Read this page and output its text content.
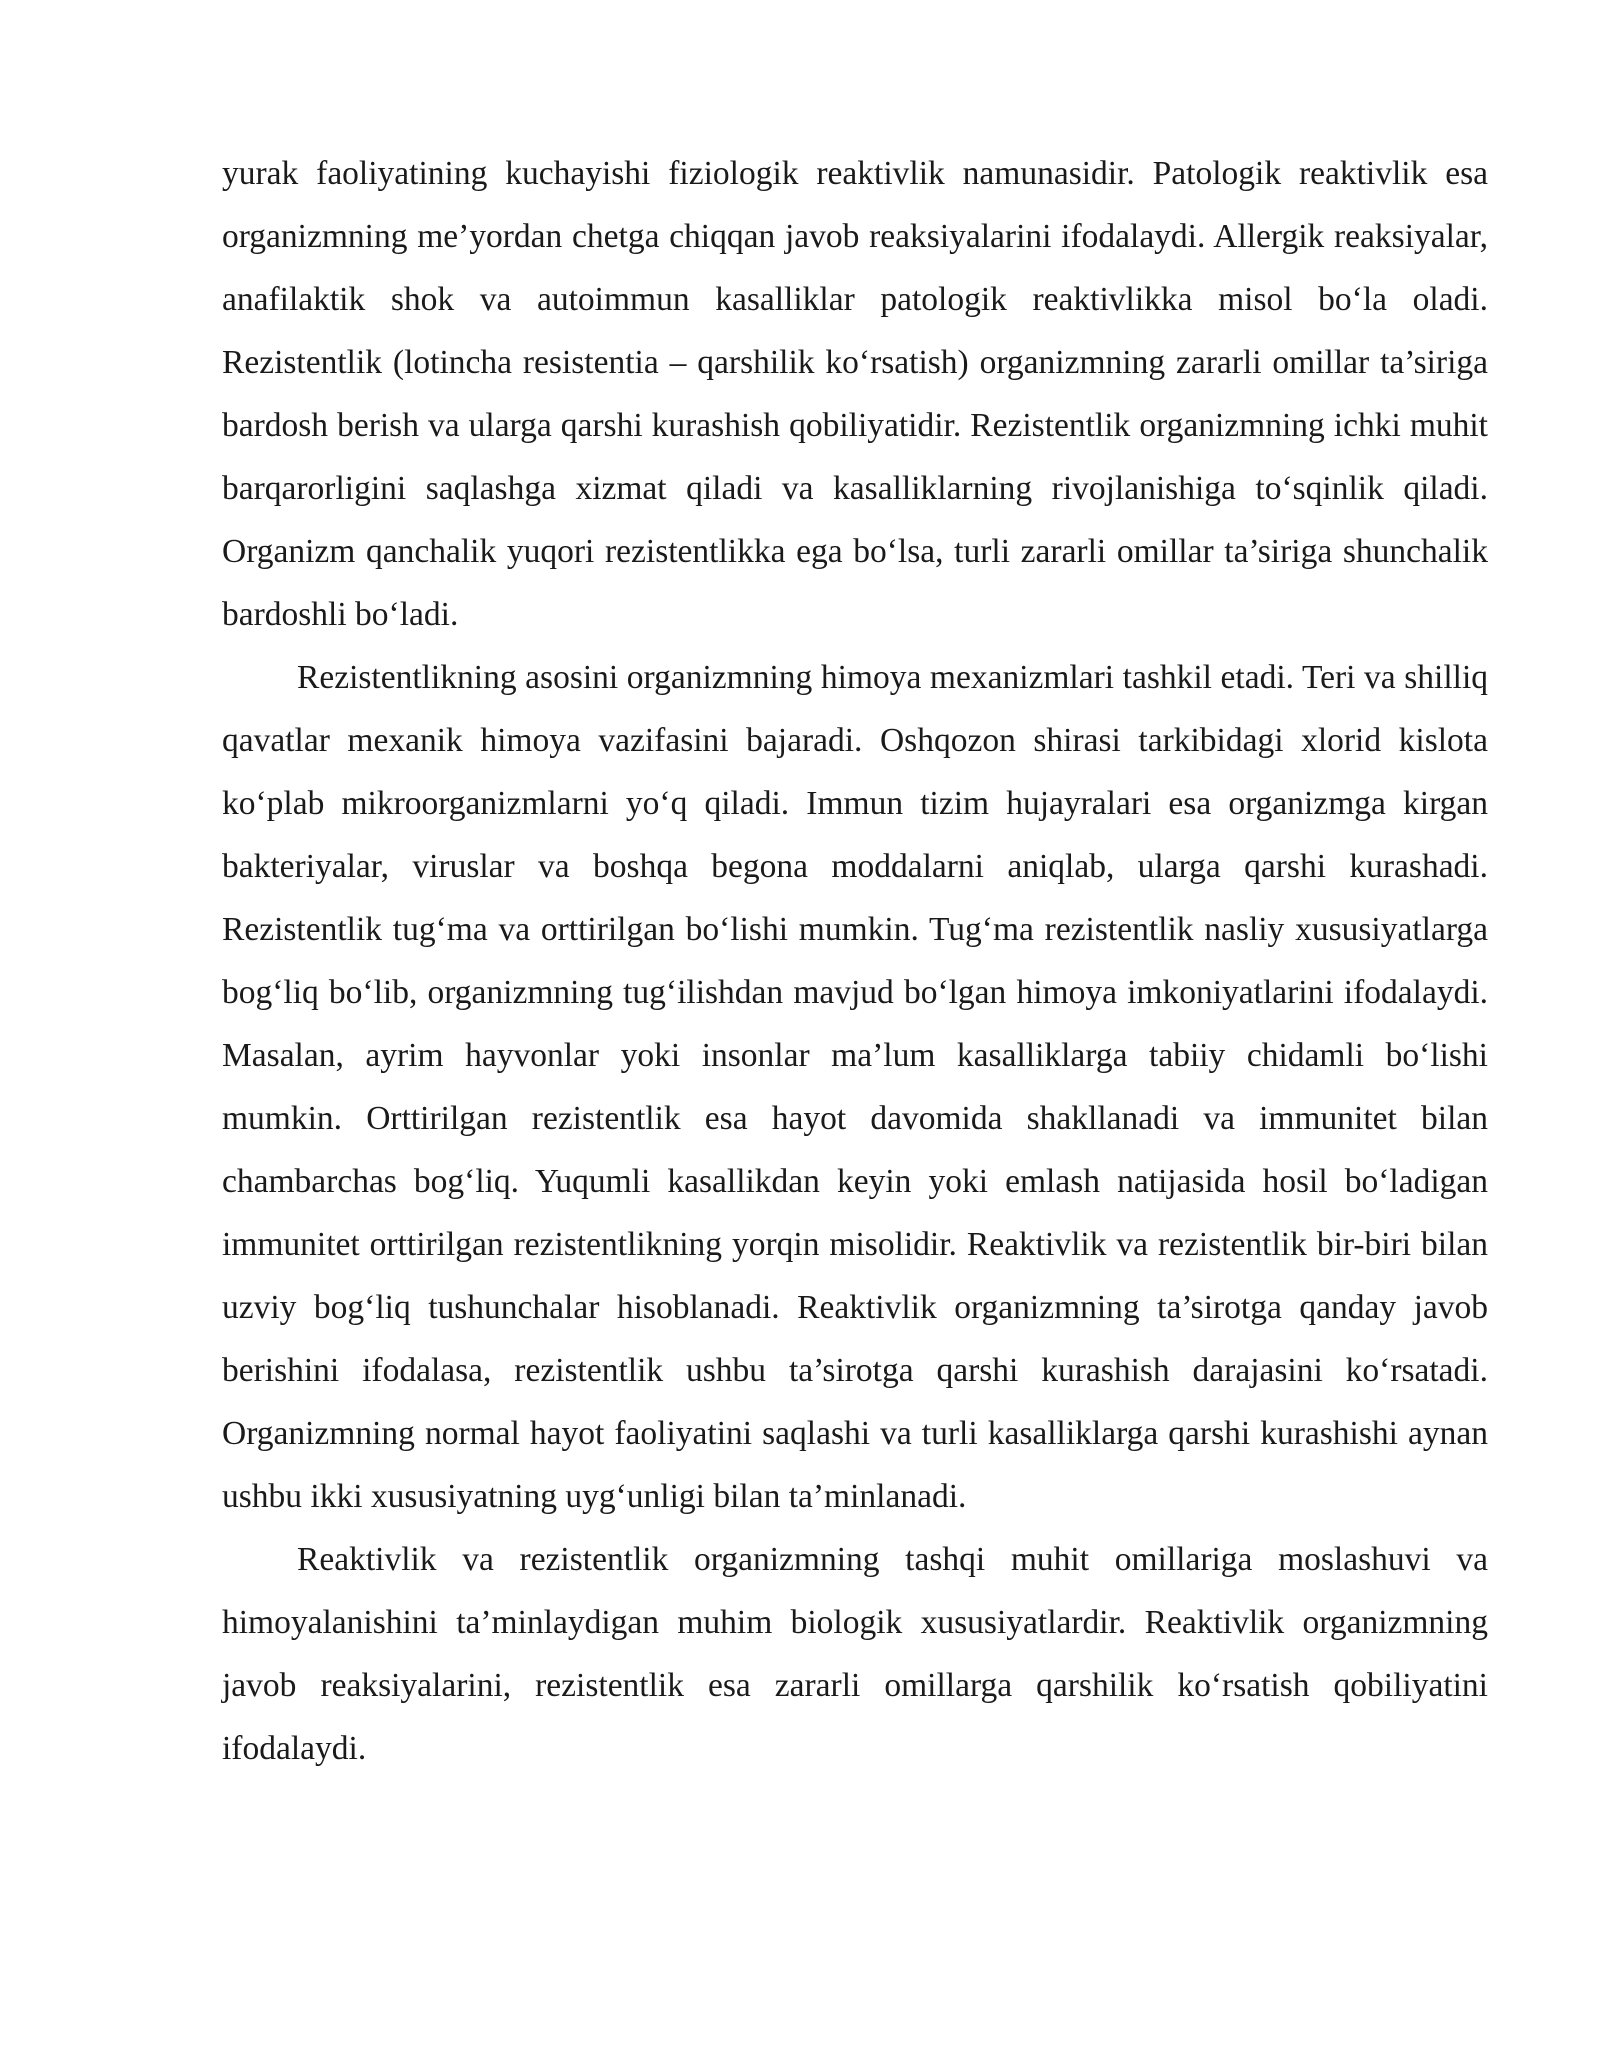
yurak faoliyatining kuchayishi fiziologik reaktivlik namunasidir. Patologik reaktivlik esa organizmning me’yordan chetga chiqqan javob reaksiyalarini ifodalaydi. Allergik reaksiyalar, anafilaktik shok va autoimmun kasalliklar patologik reaktivlikka misol bo‘la oladi. Rezistentlik (lotincha resistentia – qarshilik ko‘rsatish) organizmning zararli omillar ta’siriga bardosh berish va ularga qarshi kurashish qobiliyatidir. Rezistentlik organizmning ichki muhit barqarorligini saqlashga xizmat qiladi va kasalliklarning rivojlanishiga to‘sqinlik qiladi. Organizm qanchalik yuqori rezistentlikka ega bo‘lsa, turli zararli omillar ta’siriga shunchalik bardoshli bo‘ladi.

Rezistentlikning asosini organizmning himoya mexanizmlari tashkil etadi. Teri va shilliq qavatlar mexanik himoya vazifasini bajaradi. Oshqozon shirasi tarkibidagi xlorid kislota ko‘plab mikroorganizmlarni yo‘q qiladi. Immun tizim hujayralari esa organizmga kirgan bakteriyalar, viruslar va boshqa begona moddalarni aniqlab, ularga qarshi kurashadi. Rezistentlik tug‘ma va orttirilgan bo‘lishi mumkin. Tug‘ma rezistentlik nasliy xususiyatlarga bog‘liq bo‘lib, organizmning tug‘ilishdan mavjud bo‘lgan himoya imkoniyatlarini ifodalaydi. Masalan, ayrim hayvonlar yoki insonlar ma’lum kasalliklarga tabiiy chidamli bo‘lishi mumkin. Orttirilgan rezistentlik esa hayot davomida shakllanadi va immunitet bilan chambarchas bog‘liq. Yuqumli kasallikdan keyin yoki emlash natijasida hosil bo‘ladigan immunitet orttirilgan rezistentlikning yorqin misolidir. Reaktivlik va rezistentlik bir-biri bilan uzviy bog‘liq tushunchalar hisoblanadi. Reaktivlik organizmning ta’sirotga qanday javob berishini ifodalasa, rezistentlik ushbu ta’sirotga qarshi kurashish darajasini ko‘rsatadi. Organizmning normal hayot faoliyatini saqlashi va turli kasalliklarga qarshi kurashishi aynan ushbu ikki xususiyatning uyg‘unligi bilan ta’minlanadi.

Reaktivlik va rezistentlik organizmning tashqi muhit omillariga moslashuvi va himoyalanishini ta’minlaydigan muhim biologik xususiyatlardir. Reaktivlik organizmning javob reaksiyalarini, rezistentlik esa zararli omillarga qarshilik ko‘rsatish qobiliyatini ifodalaydi.
